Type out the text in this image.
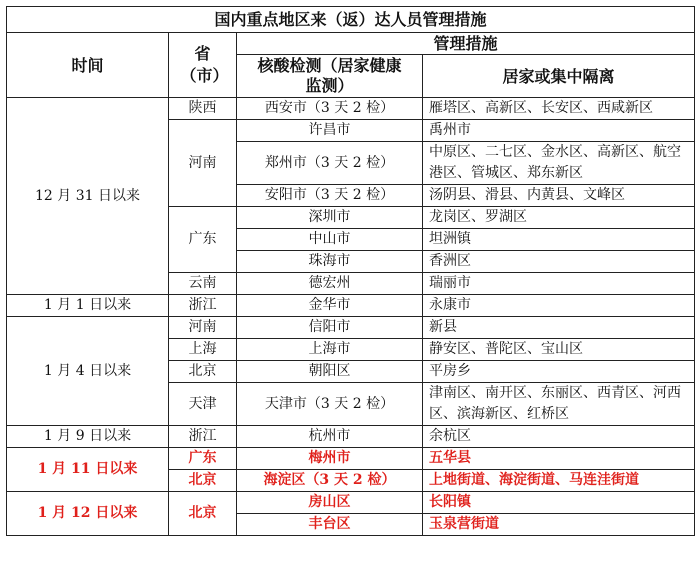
国内重点地区来（返）达人员管理措施			
时间	省（市）	管理措施	
		核酸检测（居家健康监测）	居家或集中隔离
12 月 31 日以来	陕西	西安市（3 天 2 检）	雁塔区、高新区、长安区、西咸新区
	河南	许昌市	禹州市
		郑州市（3 天 2 检）	中原区、二七区、金水区、高新区、航空港区、管城区、郑东新区
		安阳市（3 天 2 检）	汤阴县、滑县、内黄县、文峰区
	广东	深圳市	龙岗区、罗湖区
		中山市	坦洲镇
		珠海市	香洲区
	云南	德宏州	瑞丽市
1 月 1 日以来	浙江	金华市	永康市
1 月 4 日以来	河南	信阳市	新县
	上海	上海市	静安区、普陀区、宝山区
	北京	朝阳区	平房乡
	天津	天津市（3 天 2 检）	津南区、南开区、东丽区、西青区、河西区、滨海新区、红桥区
1 月 9 日以来	浙江	杭州市	余杭区
1 月 11 日以来	广东	梅州市	五华县
	北京	海淀区（3 天 2 检）	上地街道、海淀街道、马连洼街道
1 月 12 日以来	北京	房山区	长阳镇
		丰台区	玉泉营街道
